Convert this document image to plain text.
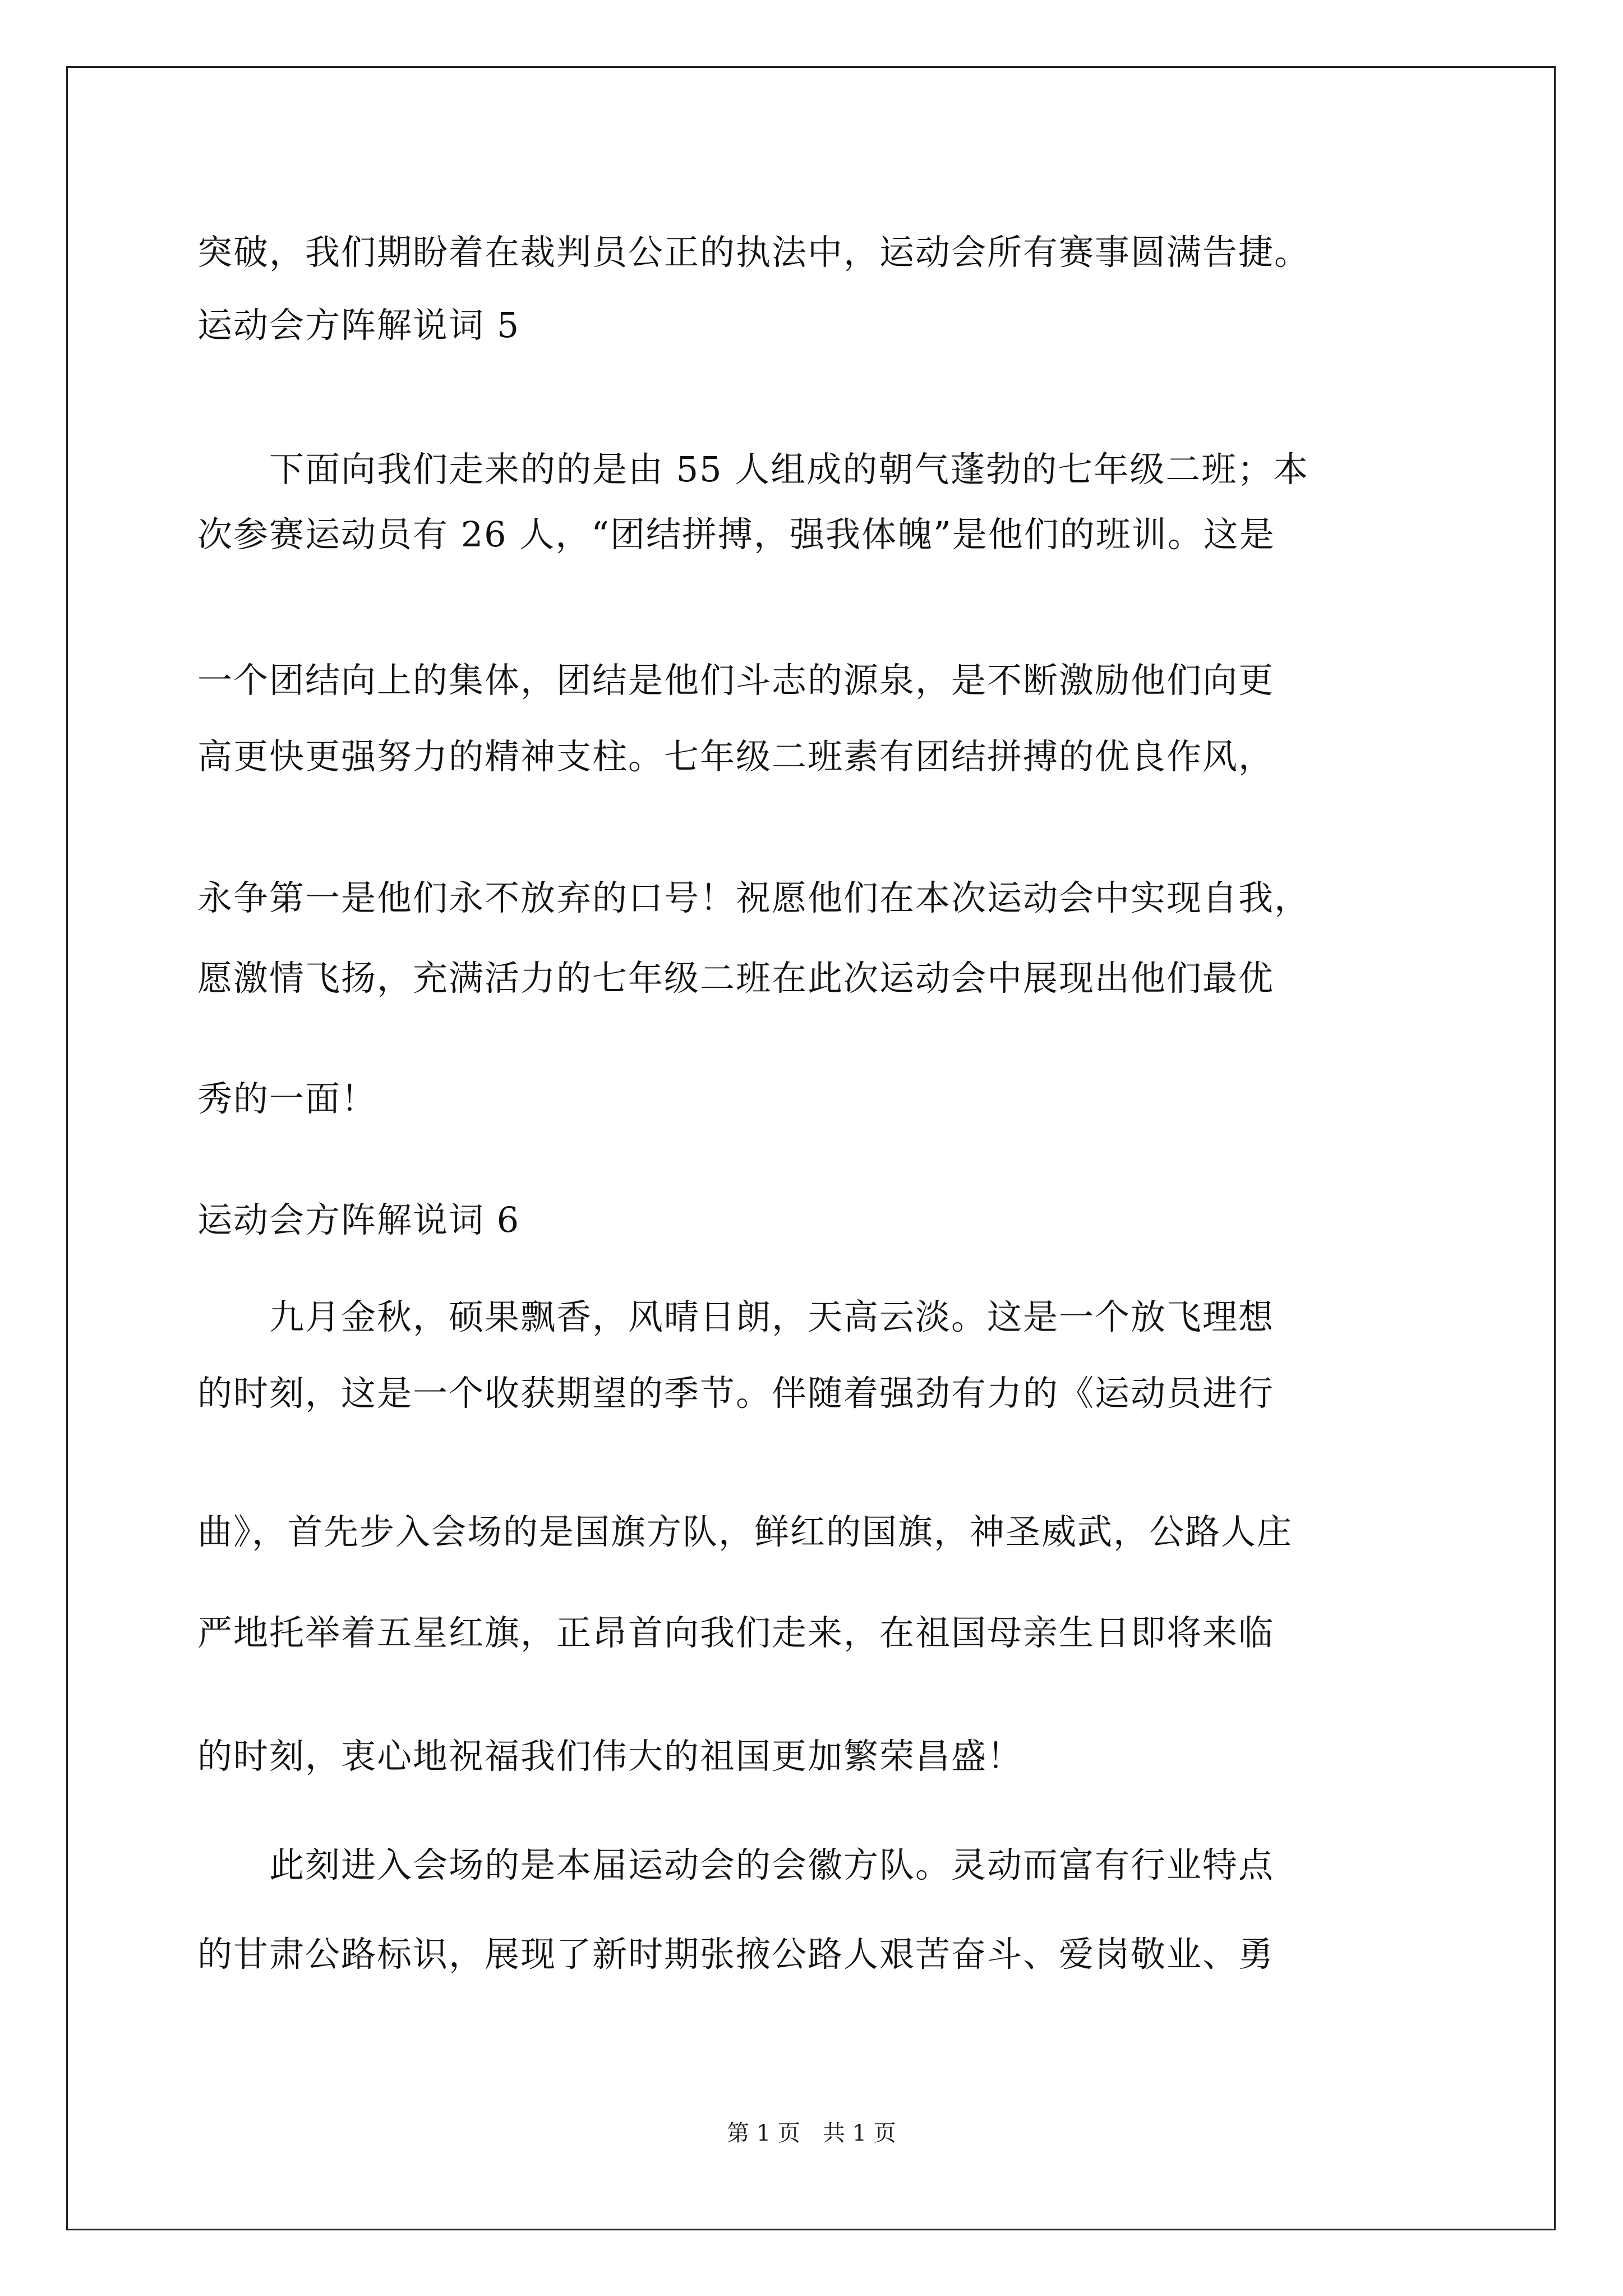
突破，我们期盼着在裁判员公正的执法中，运动会所有赛事圆满告捷。
运动会方阵解说词 5
　　下面向我们走来的的是由 55 人组成的朝气蓬勃的七年级二班；本
次参赛运动员有 26 人，“团结拼搏，强我体魄”是他们的班训。这是
一个团结向上的集体，团结是他们斗志的源泉，是不断激励他们向更
高更快更强努力的精神支柱。七年级二班素有团结拼搏的优良作风，
永争第一是他们永不放弃的口号！祝愿他们在本次运动会中实现自我，
愿激情飞扬，充满活力的七年级二班在此次运动会中展现出他们最优
秀的一面！
运动会方阵解说词 6
　　九月金秋，硕果飘香，风晴日朗，天高云淡。这是一个放飞理想
的时刻，这是一个收获期望的季节。伴随着强劲有力的《运动员进行
曲》，首先步入会场的是国旗方队，鲜红的国旗，神圣威武，公路人庄
严地托举着五星红旗，正昂首向我们走来，在祖国母亲生日即将来临
的时刻，衷心地祝福我们伟大的祖国更加繁荣昌盛！
　　此刻进入会场的是本届运动会的会徽方队。灵动而富有行业特点
的甘肃公路标识，展现了新时期张掖公路人艰苦奋斗、爱岗敬业、勇
第 1 页　共 1 页
